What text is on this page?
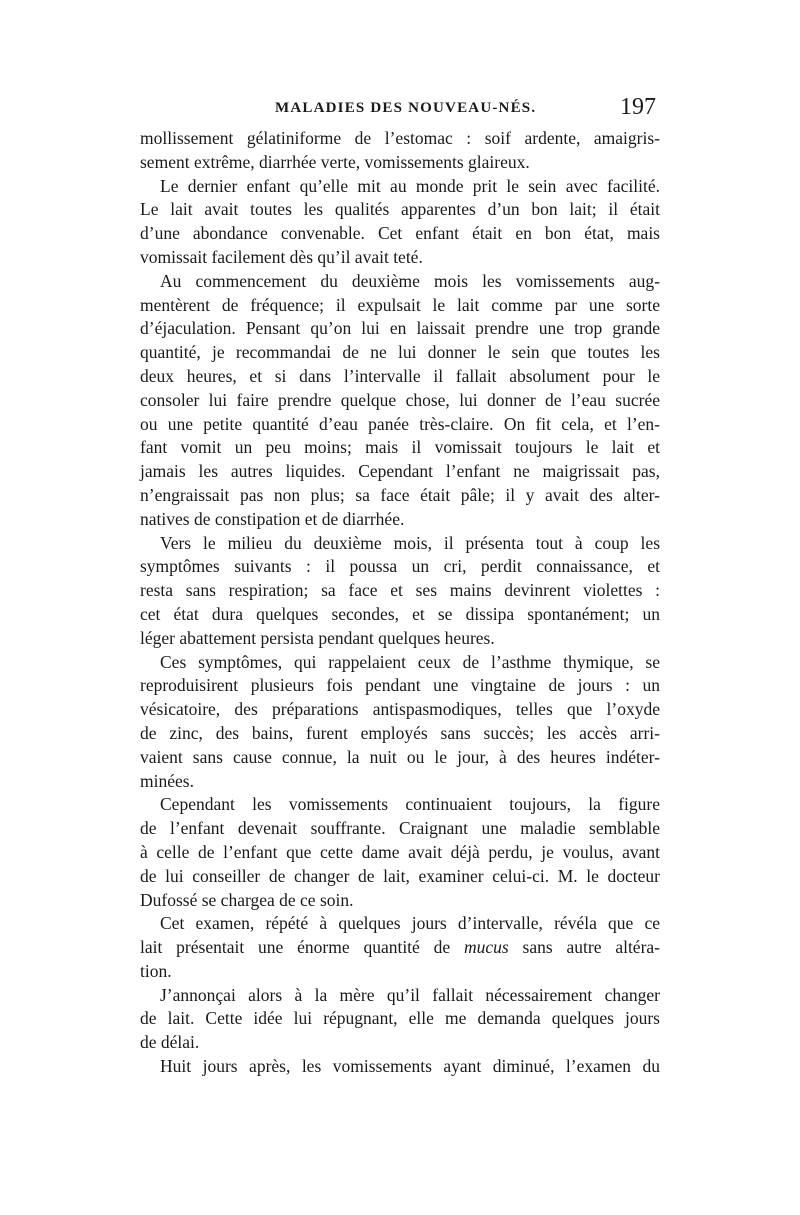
MALADIES DES NOUVEAU-NÉS.	197
mollissement gélatiniforme de l’estomac : soif ardente, amaigris-
sement extrême, diarrhée verte, vomissements glaireux.
Le dernier enfant qu’elle mit au monde prit le sein avec facilité.
Le lait avait toutes les qualités apparentes d’un bon lait; il était
d’une abondance convenable. Cet enfant était en bon état, mais
vomissait facilement dès qu’il avait teté.
Au commencement du deuxième mois les vomissements aug-
mentèrent de fréquence; il expulsait le lait comme par une sorte
d’éjaculation. Pensant qu’on lui en laissait prendre une trop grande
quantité, je recommandai de ne lui donner le sein que toutes les
deux heures, et si dans l’intervalle il fallait absolument pour le
consoler lui faire prendre quelque chose, lui donner de l’eau sucrée
ou une petite quantité d’eau panée très-claire. On fit cela, et l’en-
fant vomit un peu moins; mais il vomissait toujours le lait et
jamais les autres liquides. Cependant l’enfant ne maigrissait pas,
n’engraissait pas non plus; sa face était pâle; il y avait des alter-
natives de constipation et de diarrhée.
Vers le milieu du deuxième mois, il présenta tout à coup les
symptômes suivants : il poussa un cri, perdit connaissance, et
resta sans respiration; sa face et ses mains devinrent violettes :
cet état dura quelques secondes, et se dissipa spontanément; un
léger abattement persista pendant quelques heures.
Ces symptômes, qui rappelaient ceux de l’asthme thymique, se
reproduisirent plusieurs fois pendant une vingtaine de jours : un
vésicatoire, des préparations antispasmodiques, telles que l’oxyde
de zinc, des bains, furent employés sans succès; les accès arri-
vaient sans cause connue, la nuit ou le jour, à des heures indéter-
minées.
Cependant les vomissements continuaient toujours, la figure
de l’enfant devenait souffrante. Craignant une maladie semblable
à celle de l’enfant que cette dame avait déjà perdu, je voulus, avant
de lui conseiller de changer de lait, examiner celui-ci. M. le docteur
Dufossé se chargea de ce soin.
Cet examen, répété à quelques jours d’intervalle, révéla que ce
lait présentait une énorme quantité de mucus sans autre altéra-
tion.
J’annonçai alors à la mère qu’il fallait nécessairement changer
de lait. Cette idée lui répugnant, elle me demanda quelques jours
de délai.
Huit jours après, les vomissements ayant diminué, l’examen du
